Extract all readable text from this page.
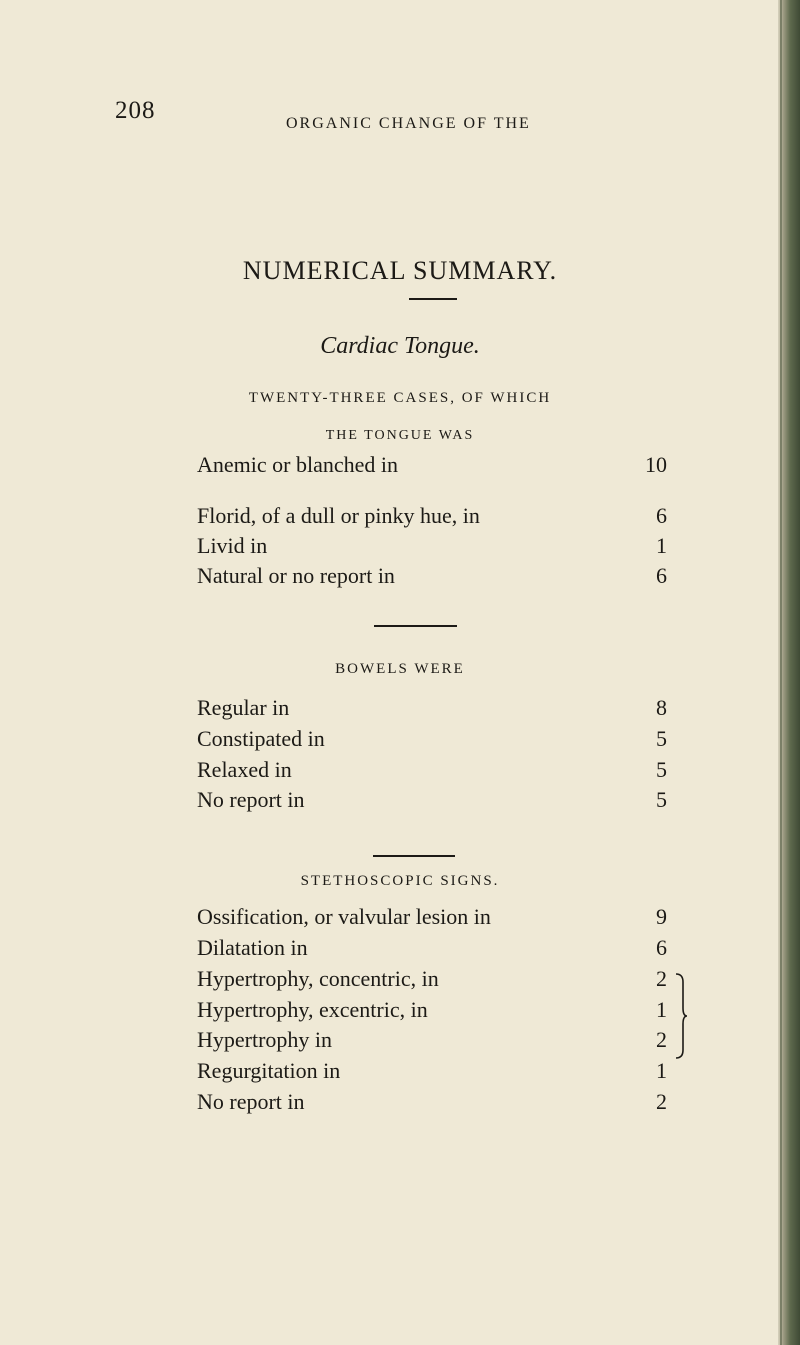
208	ORGANIC CHANGE OF THE
NUMERICAL SUMMARY.
Cardiac Tongue.
TWENTY-THREE CASES, OF WHICH
THE TONGUE WAS
Anemic or blanched in	10
Florid, of a dull or pinky hue, in	6
Livid in	1
Natural or no report in	6
BOWELS WERE
Regular in	8
Constipated in	5
Relaxed in	5
No report in	5
STETHOSCOPIC SIGNS.
Ossification, or valvular lesion in	9
Dilatation in	6
Hypertrophy, concentric, in	2
Hypertrophy, excentric, in	1
Hypertrophy in	2
Regurgitation in	1
No report in	2
